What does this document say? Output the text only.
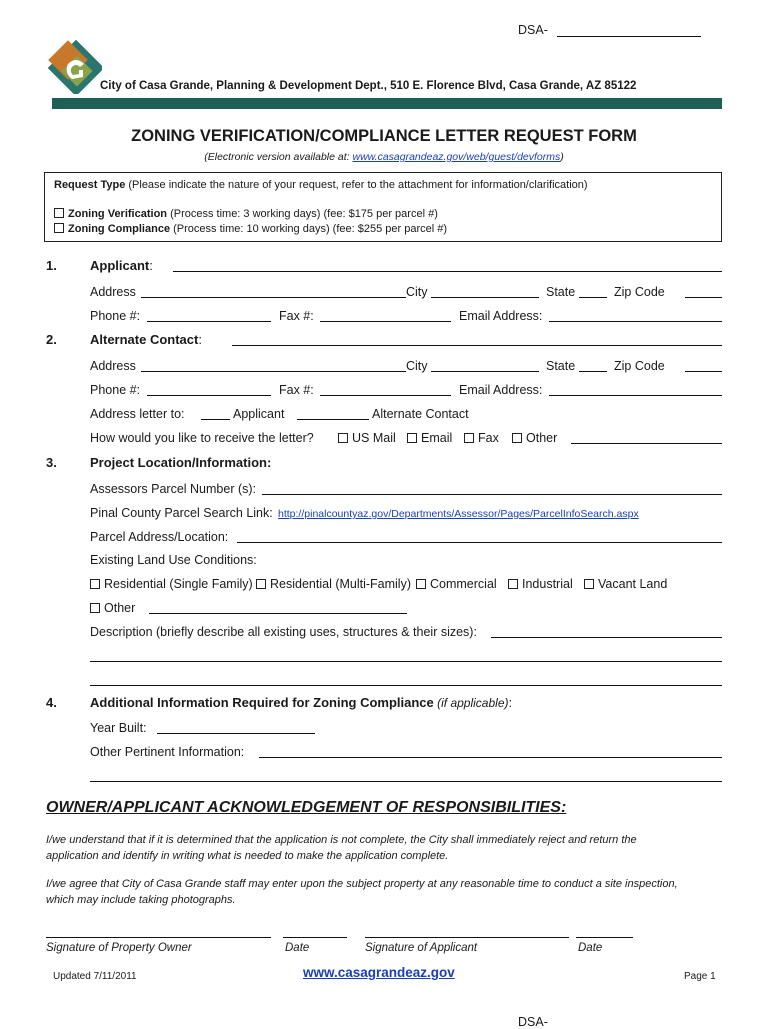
DSA-
City of Casa Grande, Planning & Development Dept., 510 E. Florence Blvd, Casa Grande, AZ 85122
ZONING VERIFICATION/COMPLIANCE LETTER REQUEST FORM
(Electronic version available at: www.casagrandeaz.gov/web/guest/devforms)
Request Type (Please indicate the nature of your request, refer to the attachment for information/clarification)
Zoning Verification (Process time: 3 working days) (fee: $175 per parcel #)
Zoning Compliance (Process time: 10 working days) (fee: $255 per parcel #)
1.	Applicant:
Address	City	State	Zip Code
Phone #:	Fax #:	Email Address:
2.	Alternate Contact:
Address	City	State	Zip Code
Phone #:	Fax #:	Email Address:
Address letter to:	Applicant	Alternate Contact
How would you like to receive the letter?	US Mail	Email	Fax	Other
3.	Project Location/Information:
Assessors Parcel Number (s):
Pinal County Parcel Search Link: http://pinalcountyaz.gov/Departments/Assessor/Pages/ParcelInfoSearch.aspx
Parcel Address/Location:
Existing Land Use Conditions:
Residential (Single Family)	Residential (Multi-Family)	Commercial	Industrial	Vacant Land
Other
Description (briefly describe all existing uses, structures & their sizes):
4.	Additional Information Required for Zoning Compliance (if applicable):
Year Built:
Other Pertinent Information:
OWNER/APPLICANT ACKNOWLEDGEMENT OF RESPONSIBILITIES:
I/we understand that if it is determined that the application is not complete, the City shall immediately reject and return the
application and identify in writing what is needed to make the application complete.
I/we agree that City of Casa Grande staff may enter upon the subject property at any reasonable time to conduct a site inspection,
which may include taking photographs.
Signature of Property Owner	Date	Signature of Applicant	Date
Updated 7/11/2011	www.casagrandeaz.gov	Page 1
DSA-
